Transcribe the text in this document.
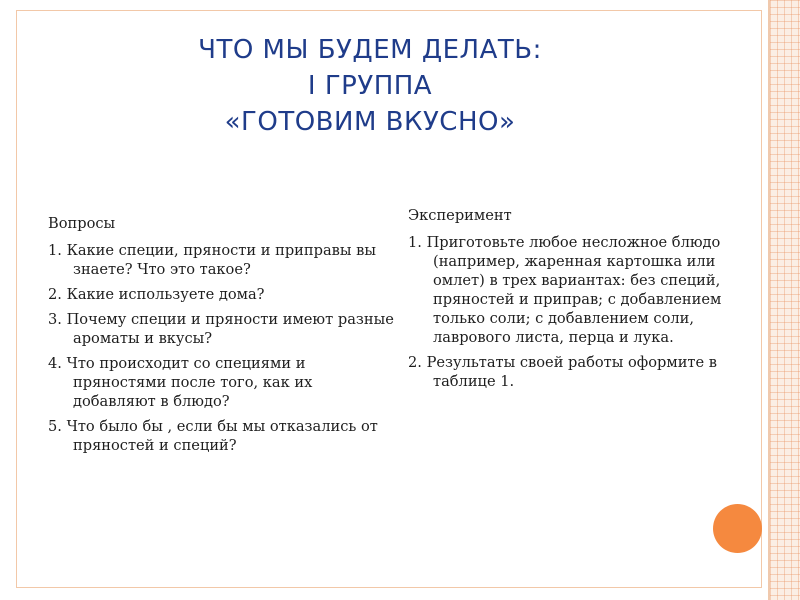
ЧТО МЫ БУДЕМ ДЕЛАТЬ:
I ГРУППА
«ГОТОВИМ ВКУСНО»
Вопросы
1. Какие специи, пряности и приправы вы знаете? Что это такое?
2. Какие используете дома?
3. Почему специи и пряности имеют разные ароматы и вкусы?
4. Что происходит со специями и пряностями после того, как их добавляют в блюдо?
5. Что было бы , если бы мы отказались от пряностей и специй?
Эксперимент
1. Приготовьте любое несложное блюдо (например, жаренная картошка или омлет) в трех вариантах: без специй, пряностей и приправ; с добавлением только соли; с добавлением соли, лаврового листа, перца и лука.
2. Результаты своей работы оформите в таблице 1.
